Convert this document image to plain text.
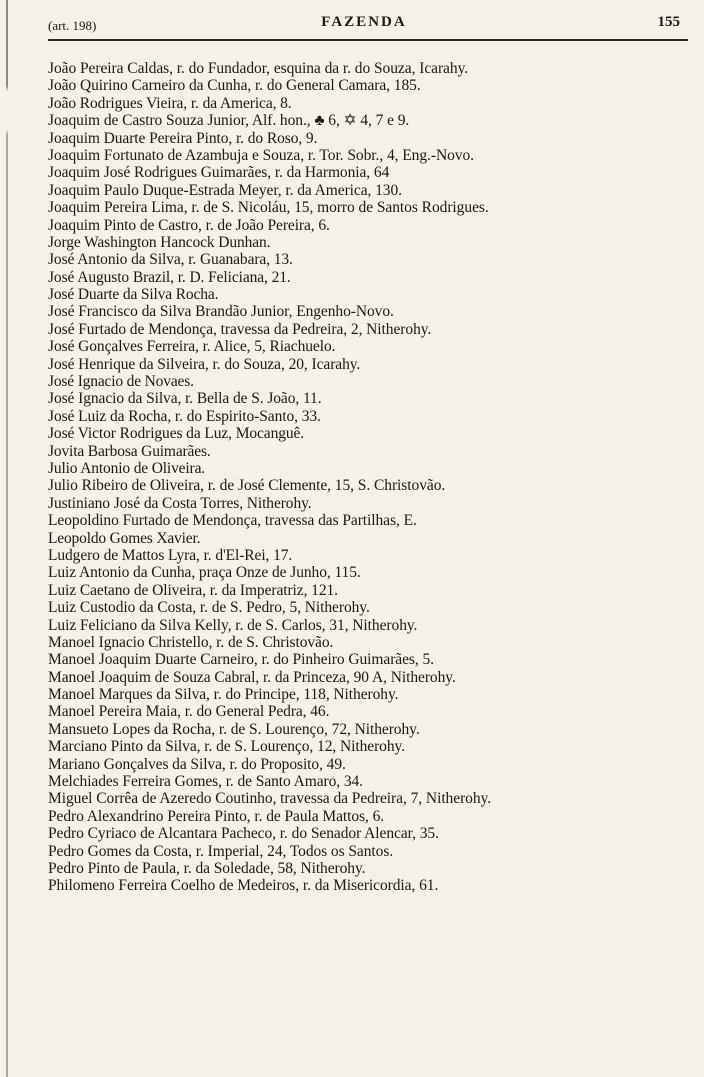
(art. 198)	FAZENDA	155
João Pereira Caldas, r. do Fundador, esquina da r. do Souza, Icarahy.
João Quirino Carneiro da Cunha, r. do General Camara, 185.
João Rodrigues Vieira, r. da America, 8.
Joaquim de Castro Souza Junior, Alf. hon., ♣ 6, ✡ 4, 7 e 9.
Joaquim Duarte Pereira Pinto, r. do Roso, 9.
Joaquim Fortunato de Azambuja e Souza, r. Tor. Sobr., 4, Eng.-Novo.
Joaquim José Rodrigues Guimarães, r. da Harmonia, 64
Joaquim Paulo Duque-Estrada Meyer, r. da America, 130.
Joaquim Pereira Lima, r. de S. Nicoláu, 15, morro de Santos Rodrigues.
Joaquim Pinto de Castro, r. de João Pereira, 6.
Jorge Washington Hancock Dunhan.
José Antonio da Silva, r. Guanabara, 13.
José Augusto Brazil, r. D. Feliciana, 21.
José Duarte da Silva Rocha.
José Francisco da Silva Brandão Junior, Engenho-Novo.
José Furtado de Mendonça, travessa da Pedreira, 2, Nitherohy.
José Gonçalves Ferreira, r. Alice, 5, Riachuelo.
José Henrique da Silveira, r. do Souza, 20, Icarahy.
José Ignacio de Novaes.
José Ignacio da Silva, r. Bella de S. João, 11.
José Luiz da Rocha, r. do Espirito-Santo, 33.
José Victor Rodrigues da Luz, Mocanguê.
Jovita Barbosa Guimarães.
Julio Antonio de Oliveira.
Julio Ribeiro de Oliveira, r. de José Clemente, 15, S. Christovão.
Justiniano José da Costa Torres, Nitherohy.
Leopoldino Furtado de Mendonça, travessa das Partilhas, E.
Leopoldo Gomes Xavier.
Ludgero de Mattos Lyra, r. d'El-Rei, 17.
Luiz Antonio da Cunha, praça Onze de Junho, 115.
Luiz Caetano de Oliveira, r. da Imperatriz, 121.
Luiz Custodio da Costa, r. de S. Pedro, 5, Nitherohy.
Luiz Feliciano da Silva Kelly, r. de S. Carlos, 31, Nitherohy.
Manoel Ignacio Christello, r. de S. Christovão.
Manoel Joaquim Duarte Carneiro, r. do Pinheiro Guimarães, 5.
Manoel Joaquim de Souza Cabral, r. da Princeza, 90 A, Nitherohy.
Manoel Marques da Silva, r. do Principe, 118, Nitherohy.
Manoel Pereira Maia, r. do General Pedra, 46.
Mansueto Lopes da Rocha, r. de S. Lourenço, 72, Nitherohy.
Marciano Pinto da Silva, r. de S. Lourenço, 12, Nitherohy.
Mariano Gonçalves da Silva, r. do Proposito, 49.
Melchiades Ferreira Gomes, r. de Santo Amaro, 34.
Miguel Corrêa de Azeredo Coutinho, travessa da Pedreira, 7, Nitherohy.
Pedro Alexandrino Pereira Pinto, r. de Paula Mattos, 6.
Pedro Cyriaco de Alcantara Pacheco, r. do Senador Alencar, 35.
Pedro Gomes da Costa, r. Imperial, 24, Todos os Santos.
Pedro Pinto de Paula, r. da Soledade, 58, Nitherohy.
Philomeno Ferreira Coelho de Medeiros, r. da Misericordia, 61.
